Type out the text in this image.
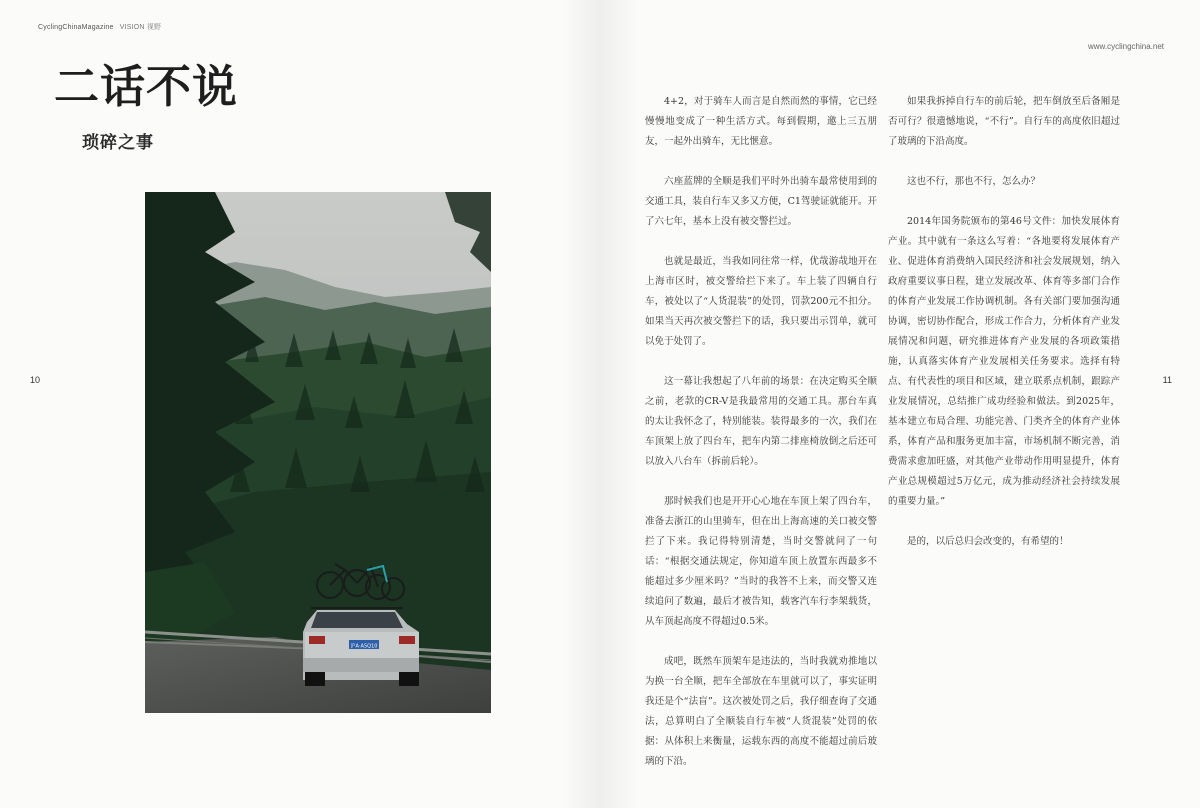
CyclingChinaMagazine VISION 视野
www.cyclingchina.net
二话不说
琐碎之事
10	11
沪A·A5Q10

4+2，对于骑车人而言是自然而然的事情，它已经慢慢地变成了一种生活方式。每到假期，邀上三五朋友，一起外出骑车，无比惬意。

六座蓝牌的全顺是我们平时外出骑车最常使用到的交通工具，装自行车又多又方便，C1驾驶证就能开。开了六七年，基本上没有被交警拦过。

也就是最近，当我如同往常一样，优哉游哉地开在上海市区时，被交警给拦下来了。车上装了四辆自行车，被处以了“人货混装”的处罚，罚款200元不扣分。如果当天再次被交警拦下的话，我只要出示罚单，就可以免于处罚了。

这一幕让我想起了八年前的场景：在决定购买全顺之前，老款的CR-V是我最常用的交通工具。那台车真的太让我怀念了，特别能装。装得最多的一次，我们在车顶架上放了四台车，把车内第二排座椅放倒之后还可以放入八台车（拆前后轮）。

那时候我们也是开开心心地在车顶上架了四台车，准备去浙江的山里骑车，但在出上海高速的关口被交警拦了下来。我记得特别清楚，当时交警就问了一句话：“根据交通法规定，你知道车顶上放置东西最多不能超过多少厘米吗？”当时的我答不上来，而交警又连续追问了数遍，最后才被告知，载客汽车行李架载货，从车顶起高度不得超过0.5米。

成吧，既然车顶架车是违法的，当时我就劝推地以为换一台全顺，把车全部放在车里就可以了，事实证明我还是个“法盲”。这次被处罚之后，我仔细查询了交通法，总算明白了全顺装自行车被“人货混装”处罚的依据：从体积上来衡量，运载东西的高度不能超过前后玻璃的下沿。

如果我拆掉自行车的前后轮，把车倒放至后备厢是否可行？很遗憾地说，“不行”。自行车的高度依旧超过了玻璃的下沿高度。

这也不行，那也不行，怎么办？

2014年国务院颁布的第46号文件：加快发展体育产业。其中就有一条这么写着：“各地要将发展体育产业、促进体育消费纳入国民经济和社会发展规划，纳入政府重要议事日程，建立发展改革、体育等多部门合作的体育产业发展工作协调机制。各有关部门要加强沟通协调，密切协作配合，形成工作合力，分析体育产业发展情况和问题，研究推进体育产业发展的各项政策措施，认真落实体育产业发展相关任务要求。选择有特点、有代表性的项目和区域，建立联系点机制，跟踪产业发展情况，总结推广成功经验和做法。到2025年，基本建立布局合理、功能完善、门类齐全的体育产业体系，体育产品和服务更加丰富，市场机制不断完善，消费需求愈加旺盛，对其他产业带动作用明显提升，体育产业总规模超过5万亿元，成为推动经济社会持续发展的重要力量。”

是的，以后总归会改变的，有希望的！
